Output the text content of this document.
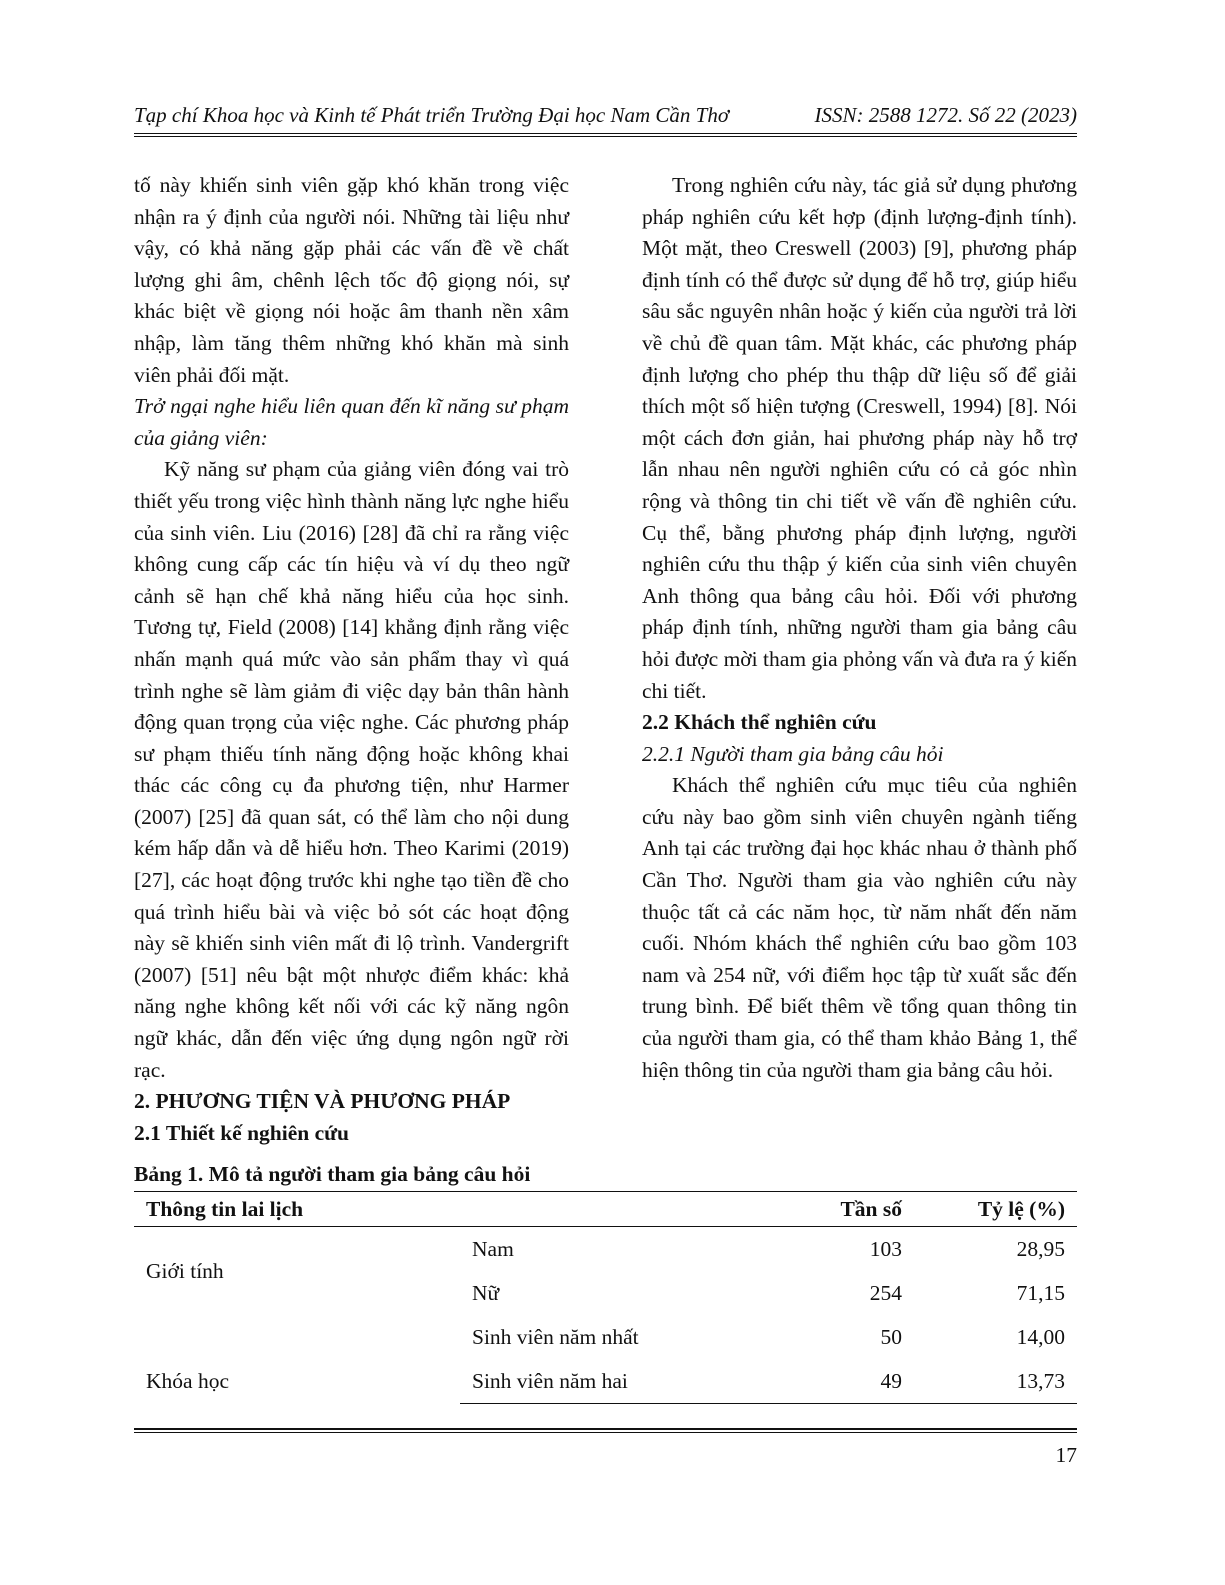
Tạp chí Khoa học và Kinh tế Phát triển Trường Đại học Nam Cần Thơ	ISSN: 2588 1272. Số 22 (2023)

tố này khiến sinh viên gặp khó khăn trong việc nhận ra ý định của người nói. Những tài liệu như vậy, có khả năng gặp phải các vấn đề về chất lượng ghi âm, chênh lệch tốc độ giọng nói, sự khác biệt về giọng nói hoặc âm thanh nền xâm nhập, làm tăng thêm những khó khăn mà sinh viên phải đối mặt.

Trở ngại nghe hiểu liên quan đến kĩ năng sư phạm của giảng viên:

Kỹ năng sư phạm của giảng viên đóng vai trò thiết yếu trong việc hình thành năng lực nghe hiểu của sinh viên. Liu (2016) [28] đã chỉ ra rằng việc không cung cấp các tín hiệu và ví dụ theo ngữ cảnh sẽ hạn chế khả năng hiểu của học sinh. Tương tự, Field (2008) [14] khẳng định rằng việc nhấn mạnh quá mức vào sản phẩm thay vì quá trình nghe sẽ làm giảm đi việc dạy bản thân hành động quan trọng của việc nghe. Các phương pháp sư phạm thiếu tính năng động hoặc không khai thác các công cụ đa phương tiện, như Harmer (2007) [25] đã quan sát, có thể làm cho nội dung kém hấp dẫn và dễ hiểu hơn. Theo Karimi (2019) [27], các hoạt động trước khi nghe tạo tiền đề cho quá trình hiểu bài và việc bỏ sót các hoạt động này sẽ khiến sinh viên mất đi lộ trình. Vandergrift (2007) [51] nêu bật một nhược điểm khác: khả năng nghe không kết nối với các kỹ năng ngôn ngữ khác, dẫn đến việc ứng dụng ngôn ngữ rời rạc.

2. PHƯƠNG TIỆN VÀ PHƯƠNG PHÁP

2.1 Thiết kế nghiên cứu

Trong nghiên cứu này, tác giả sử dụng phương pháp nghiên cứu kết hợp (định lượng-định tính). Một mặt, theo Creswell (2003) [9], phương pháp định tính có thể được sử dụng để hỗ trợ, giúp hiểu sâu sắc nguyên nhân hoặc ý kiến của người trả lời về chủ đề quan tâm. Mặt khác, các phương pháp định lượng cho phép thu thập dữ liệu số để giải thích một số hiện tượng (Creswell, 1994) [8]. Nói một cách đơn giản, hai phương pháp này hỗ trợ lẫn nhau nên người nghiên cứu có cả góc nhìn rộng và thông tin chi tiết về vấn đề nghiên cứu. Cụ thể, bằng phương pháp định lượng, người nghiên cứu thu thập ý kiến của sinh viên chuyên Anh thông qua bảng câu hỏi. Đối với phương pháp định tính, những người tham gia bảng câu hỏi được mời tham gia phỏng vấn và đưa ra ý kiến chi tiết.

2.2 Khách thể nghiên cứu

2.2.1 Người tham gia bảng câu hỏi

Khách thể nghiên cứu mục tiêu của nghiên cứu này bao gồm sinh viên chuyên ngành tiếng Anh tại các trường đại học khác nhau ở thành phố Cần Thơ. Người tham gia vào nghiên cứu này thuộc tất cả các năm học, từ năm nhất đến năm cuối. Nhóm khách thể nghiên cứu bao gồm 103 nam và 254 nữ, với điểm học tập từ xuất sắc đến trung bình. Để biết thêm về tổng quan thông tin của người tham gia, có thể tham khảo Bảng 1, thể hiện thông tin của người tham gia bảng câu hỏi.

Bảng 1. Mô tả người tham gia bảng câu hỏi
Thông tin lai lịch		Tần số	Tỷ lệ (%)
Giới tính	Nam	103	28,95
	Nữ	254	71,15
Khóa học	Sinh viên năm nhất	50	14,00
	Sinh viên năm hai	49	13,73
17
